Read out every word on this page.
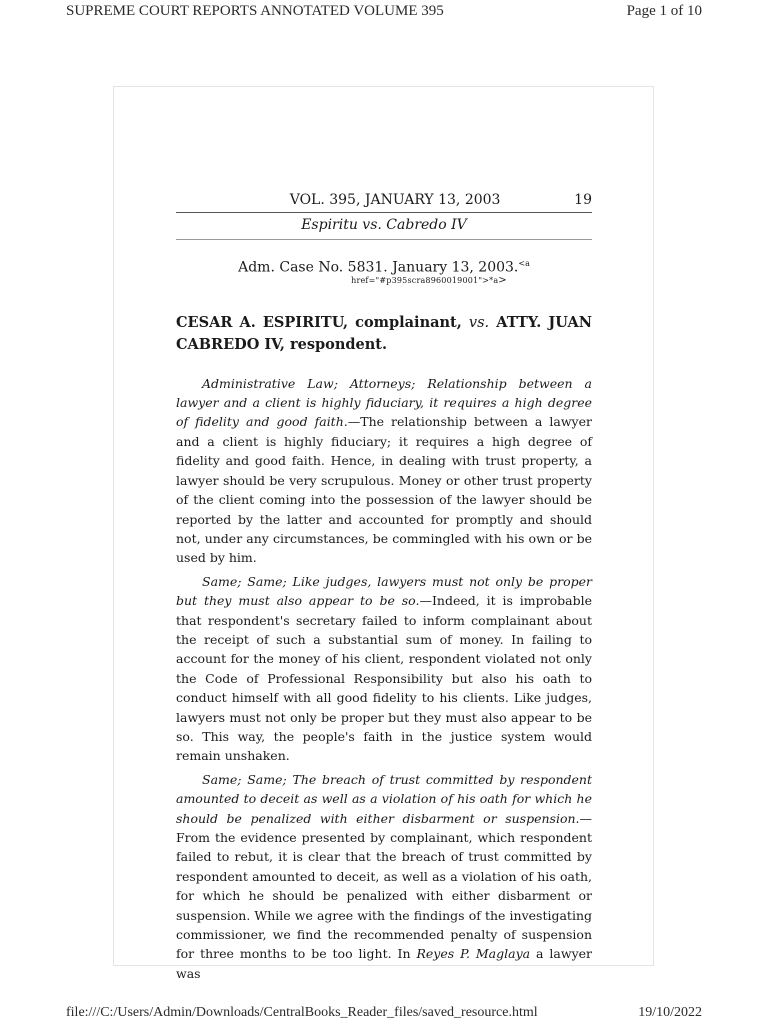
SUPREME COURT REPORTS ANNOTATED VOLUME 395	Page 1 of 10
VOL. 395, JANUARY 13, 2003	19
Espiritu vs. Cabredo IV
Adm. Case No. 5831. January 13, 2003.$^{<a}$
href="#p395scra8960019001">*a>
CESAR A. ESPIRITU, complainant, vs. ATTY. JUAN CABREDO IV, respondent.

Administrative Law; Attorneys; Relationship between a lawyer and a client is highly fiduciary, it requires a high degree of fidelity and good faith.—The relationship between a lawyer and a client is highly fiduciary; it requires a high degree of fidelity and good faith. Hence, in dealing with trust property, a lawyer should be very scrupulous. Money or other trust property of the client coming into the possession of the lawyer should be reported by the latter and accounted for promptly and should not, under any circumstances, be commingled with his own or be used by him.

Same; Same; Like judges, lawyers must not only be proper but they must also appear to be so.—Indeed, it is improbable that respondent's secretary failed to inform complainant about the receipt of such a substantial sum of money. In failing to account for the money of his client, respondent violated not only the Code of Professional Responsibility but also his oath to conduct himself with all good fidelity to his clients. Like judges, lawyers must not only be proper but they must also appear to be so. This way, the people's faith in the justice system would remain unshaken.

Same; Same; The breach of trust committed by respondent amounted to deceit as well as a violation of his oath for which he should be penalized with either disbarment or suspension.—From the evidence presented by complainant, which respondent failed to rebut, it is clear that the breach of trust committed by respondent amounted to deceit, as well as a violation of his oath, for which he should be penalized with either disbarment or suspension. While we agree with the findings of the investigating commissioner, we find the recommended penalty of suspension for three months to be too light. In Reyes P. Maglaya a lawyer was

file:///C:/Users/Admin/Downloads/CentralBooks_Reader_files/saved_resource.html	19/10/2022
